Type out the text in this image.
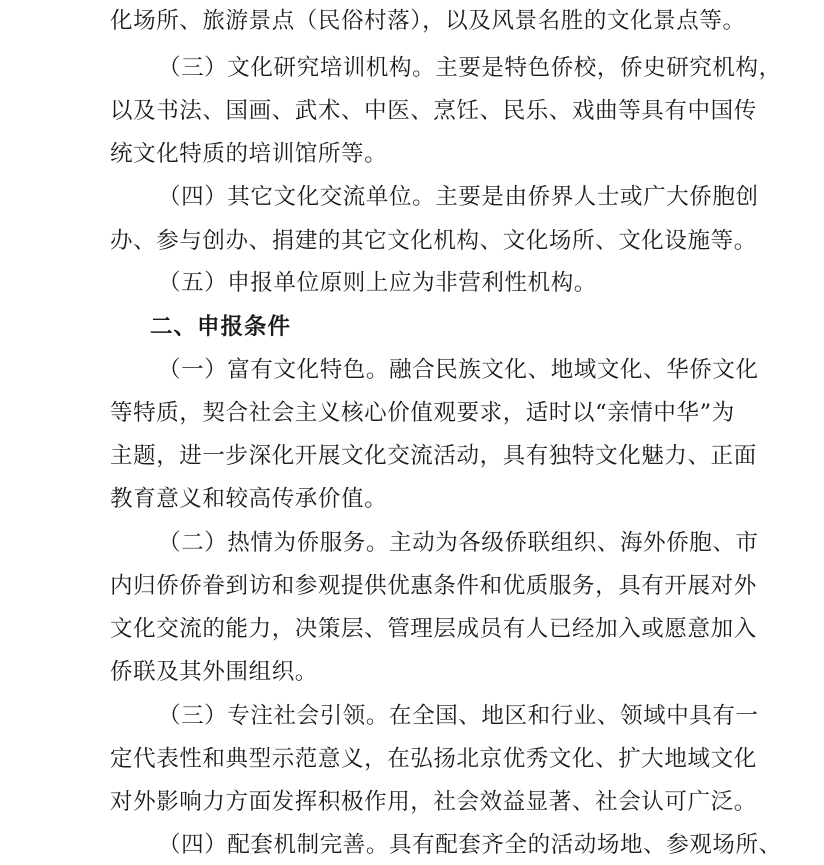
化场所、旅游景点（民俗村落），以及风景名胜的文化景点等。
（三）文化研究培训机构。主要是特色侨校，侨史研究机构，
以及书法、国画、武术、中医、烹饪、民乐、戏曲等具有中国传
统文化特质的培训馆所等。
（四）其它文化交流单位。主要是由侨界人士或广大侨胞创
办、参与创办、捐建的其它文化机构、文化场所、文化设施等。
（五）申报单位原则上应为非营利性机构。
二、申报条件
（一）富有文化特色。融合民族文化、地域文化、华侨文化
等特质，契合社会主义核心价值观要求，适时以“亲情中华”为
主题，进一步深化开展文化交流活动，具有独特文化魅力、正面
教育意义和较高传承价值。
（二）热情为侨服务。主动为各级侨联组织、海外侨胞、市
内归侨侨眷到访和参观提供优惠条件和优质服务，具有开展对外
文化交流的能力，决策层、管理层成员有人已经加入或愿意加入
侨联及其外围组织。
（三）专注社会引领。在全国、地区和行业、领域中具有一
定代表性和典型示范意义，在弘扬北京优秀文化、扩大地域文化
对外影响力方面发挥积极作用，社会效益显著、社会认可广泛。
（四）配套机制完善。具有配套齐全的活动场地、参观场所、
